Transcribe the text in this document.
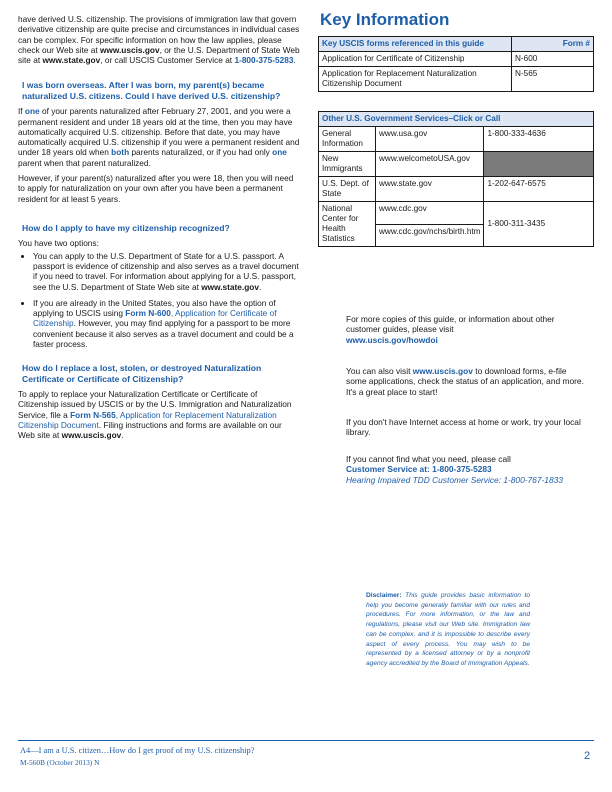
have derived U.S. citizenship. The provisions of immigration law that govern derivative citizenship are quite precise and circumstances in individual cases can be complex. For specific information on how the law applies, please check our Web site at www.uscis.gov, or the U.S. Department of State Web site at www.state.gov, or call USCIS Customer Service at 1-800-375-5283.

I was born overseas. After I was born, my parent(s) became naturalized U.S. citizens. Could I have derived U.S. citizenship?

If one of your parents naturalized after February 27, 2001, and you were a permanent resident and under 18 years old at the time, then you may have automatically acquired U.S. citizenship. Before that date, you may have automatically acquired U.S. citizenship if you were a permanent resident and under 18 years old when both parents naturalized, or if you had only one parent when that parent naturalized.

However, if your parent(s) naturalized after you were 18, then you will need to apply for naturalization on your own after you have been a permanent resident for at least 5 years.

How do I apply to have my citizenship recognized?

You have two options:

• You can apply to the U.S. Department of State for a U.S. passport. A passport is evidence of citizenship and also serves as a travel document if you need to travel. For information about applying for a U.S. passport, see the U.S. Department of State Web site at www.state.gov.
• If you are already in the United States, you also have the option of applying to USCIS using Form N-600, Application for Certificate of Citizenship. However, you may find applying for a passport to be more convenient because it also serves as a travel document and could be a faster process.

How do I replace a lost, stolen, or destroyed Naturalization Certificate or Certificate of Citizenship?

To apply to replace your Naturalization Certificate or Certificate of Citizenship issued by USCIS or by the U.S. Immigration and Naturalization Service, file a Form N-565, Application for Replacement Naturalization Citizenship Document. Filing instructions and forms are available on our Web site at www.uscis.gov.

Key Information
Key USCIS forms referenced in this guide	Form #
Application for Certificate of Citizenship	N-600
Application for Replacement Naturalization Citizenship Document	N-565
Other U.S. Government Services–Click or Call		
General Information	www.usa.gov	1-800-333-4636
New Immigrants	www.welcometoUSA.gov	
U.S. Dept. of State	www.state.gov	1-202-647-6575
National Center for Health Statistics	www.cdc.gov	1-800-311-3435
	www.cdc.gov/nchs/birth.htm	
For more copies of this guide, or information about other customer guides, please visit
www.uscis.gov/howdoi
You can also visit www.uscis.gov to download forms, e-file some applications, check the status of an application, and more. It's a great place to start!
If you don't have Internet access at home or work, try your local library.
If you cannot find what you need, please call
Customer Service at: 1-800-375-5283
Hearing Impaired TDD Customer Service: 1-800-767-1833
Disclaimer: This guide provides basic information to help you become generally familiar with our rules and procedures. For more information, or the law and regulations, please visit our Web site. Immigration law can be complex, and it is impossible to describe every aspect of every process. You may wish to be represented by a licensed attorney or by a nonprofit agency accredited by the Board of Immigration Appeals.
A4—I am a U.S. citizen…How do I get proof of my U.S. citizenship?
M-560B (October 2013) N
2
